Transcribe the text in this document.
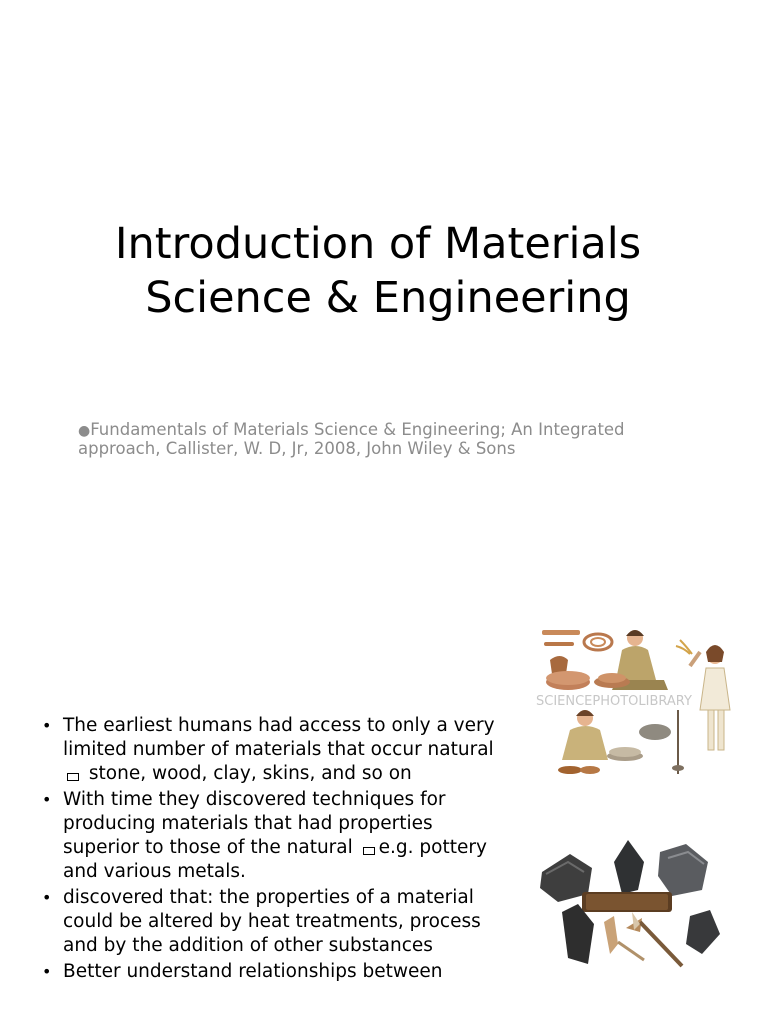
Introduction of Materials
Science & Engineering
●Fundamentals of Materials Science & Engineering; An Integrated approach, Callister, W. D, Jr, 2008, John Wiley & Sons
• The earliest humans had access to only a very limited number of materials that occur natural stone, wood, clay, skins, and so on
• With time they discovered techniques for producing materials that had properties superior to those of the natural e.g. pottery and various metals.
• discovered that: the properties of a material could be altered by heat treatments, process and by the addition of other substances
• Better understand relationships between
SCIENCEPHOTOLIBRARY
